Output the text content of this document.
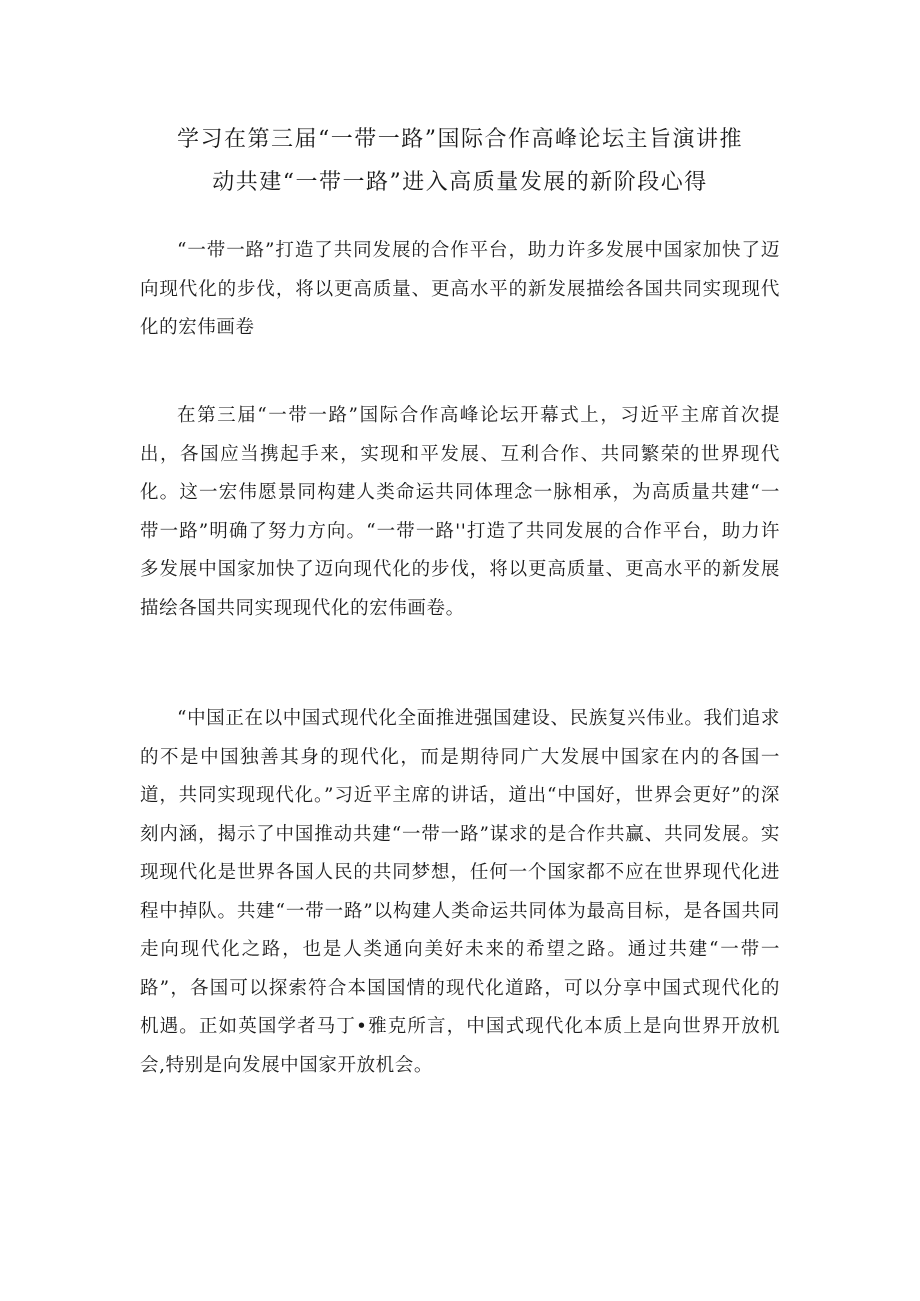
学习在第三届“一带一路”国际合作高峰论坛主旨演讲推
动共建“一带一路”进入高质量发展的新阶段心得

“一带一路”打造了共同发展的合作平台，助力许多发展中国家加快了迈向现代化的步伐，将以更高质量、更高水平的新发展描绘各国共同实现现代化的宏伟画卷

在第三届“一带一路”国际合作高峰论坛开幕式上，习近平主席首次提出，各国应当携起手来，实现和平发展、互利合作、共同繁荣的世界现代化。这一宏伟愿景同构建人类命运共同体理念一脉相承，为高质量共建“一带一路”明确了努力方向。“一带一路''打造了共同发展的合作平台，助力许多发展中国家加快了迈向现代化的步伐，将以更高质量、更高水平的新发展描绘各国共同实现现代化的宏伟画卷。

“中国正在以中国式现代化全面推进强国建设、民族复兴伟业。我们追求的不是中国独善其身的现代化，而是期待同广大发展中国家在内的各国一道，共同实现现代化。”习近平主席的讲话，道出“中国好，世界会更好”的深刻内涵，揭示了中国推动共建“一带一路”谋求的是合作共赢、共同发展。实现现代化是世界各国人民的共同梦想，任何一个国家都不应在世界现代化进程中掉队。共建“一带一路”以构建人类命运共同体为最高目标，是各国共同走向现代化之路，也是人类通向美好未来的希望之路。通过共建“一带一路”，各国可以探索符合本国国情的现代化道路，可以分享中国式现代化的机遇。正如英国学者马丁•雅克所言，中国式现代化本质上是向世界开放机会,特别是向发展中国家开放机会。
